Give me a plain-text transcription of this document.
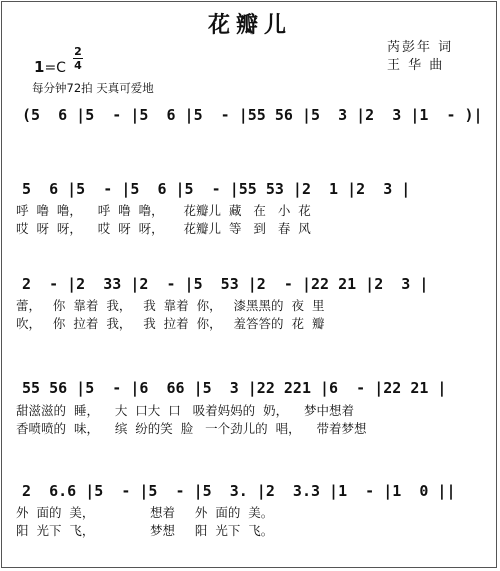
花瓣儿
芮彭年 词
王 华 曲
1=C
2
4
每分钟72拍 天真可爱地
(5  6 |5  - |5  6 |5  - |55 56 |5  3 |2  3 |1  - )|
5  6 |5  - |5  6 |5  - |55 53 |2  1 |2  3 |
呼  噜  噜，    呼  噜  噜，     花瓣儿  藏   在   小  花
哎  呀  呀，    哎  呀  呀，     花瓣儿  等   到   春  风
2  - |2  33 |2  - |5  53 |2  - |22 21 |2  3 |
蕾，   你  靠着  我，   我  靠着  你，   漆黑黑的  夜  里
吹，   你  拉着  我，   我  拉着  你，   羞答答的  花  瓣
55 56 |5  - |6  66 |5  3 |22 221 |6  - |22 21 |
甜滋滋的  睡，    大  口大  口   吸着妈妈的  奶，    梦中想着
香喷喷的  味，    缤  纷的笑  脸   一个劲儿的  唱，    带着梦想
2  6.6 |5  - |5  - |5  3. |2  3.3 |1  - |1  0 ||
外  面的  美，              想着     外  面的  美。
阳  光下  飞，              梦想     阳  光下  飞。
